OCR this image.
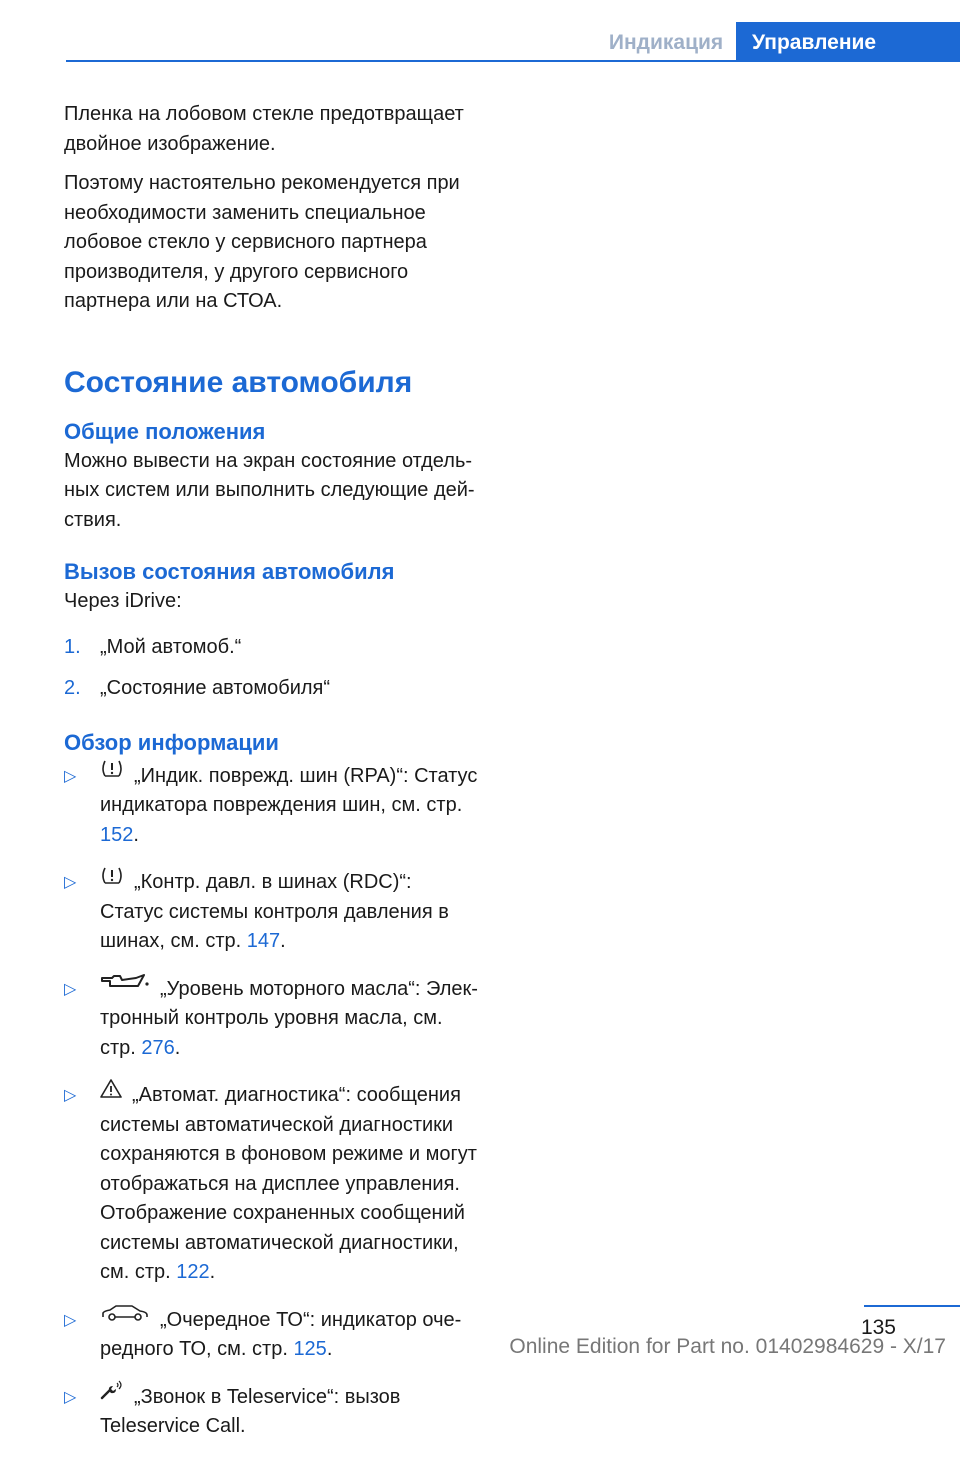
Индикация	Управление

Пленка на лобовом стекле предотвращает двойное изображение.

Поэтому настоятельно рекомендуется при необходимости заменить специальное лобовое стекло у сервисного партнера производителя, у другого сервисного партнера или на СТОА.

Состояние автомобиля
Общие положения

Можно вывести на экран состояние отдельных систем или выполнить следующие действия.

Вызов состояния автомобиля

Через iDrive:

1. „Мой автомоб.“
2. „Состояние автомобиля“
Обзор информации
▷	„Индик. поврежд. шин (RPA)“: Статус индикатора повреждения шин, см. стр. 152.
▷	„Контр. давл. в шинах (RDC)“: Статус системы контроля давления в шинах, см. стр. 147.
▷	„Уровень моторного масла“: Электронный контроль уровня масла, см. стр. 276.
▷	„Автомат. диагностика“: сообщения системы автоматической диагностики сохраняются в фоновом режиме и могут отображаться на дисплее управления. Отображение сохраненных сообщений системы автоматической диагностики, см. стр. 122.
▷	„Очередное ТО“: индикатор очередного ТО, см. стр. 125.
▷	„Звонок в Teleservice“: вызов Teleservice Call.
135
Online Edition for Part no. 01402984629 - X/17
